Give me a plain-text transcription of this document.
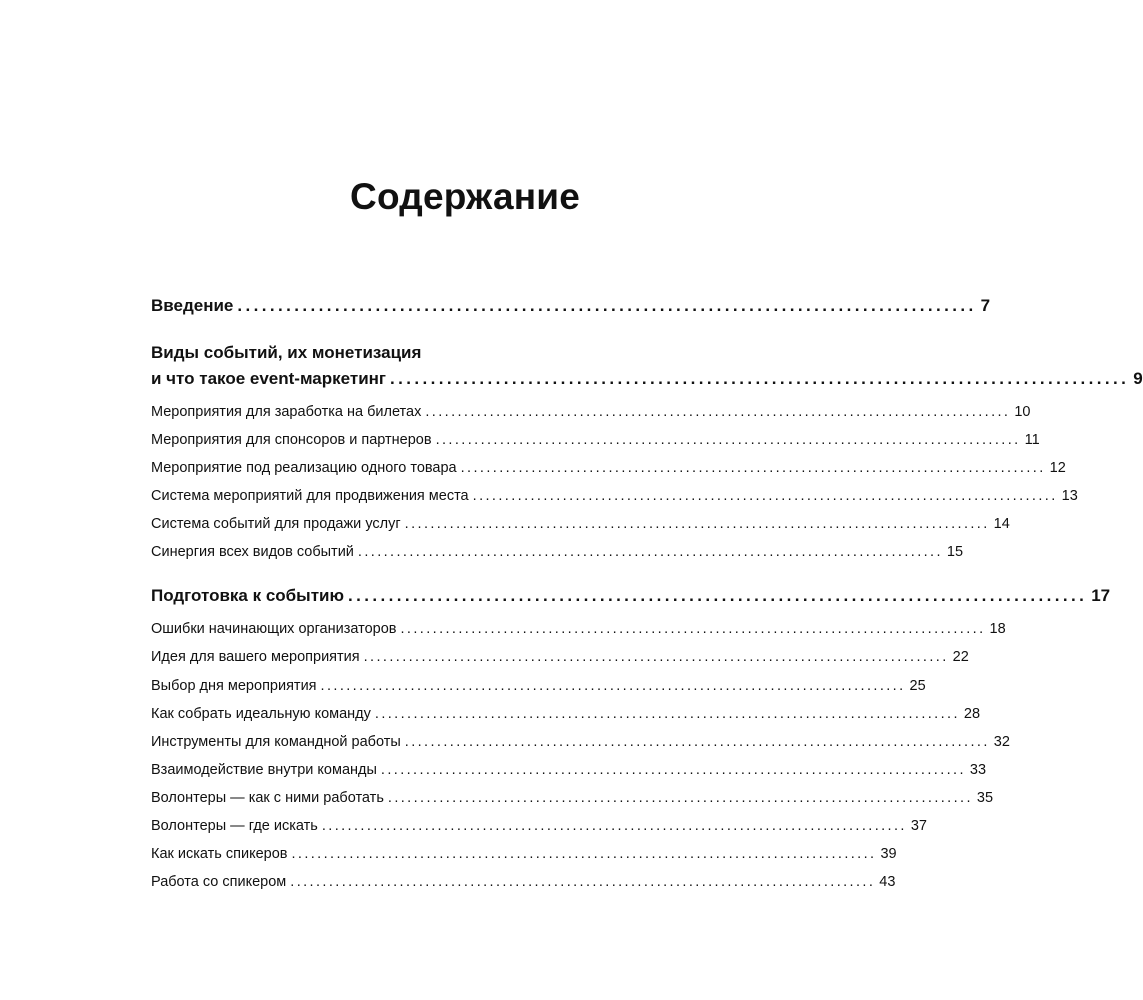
Содержание
Введение ........................................................................................... 7
Виды событий, их монетизация
и что такое event-маркетинг ........................................................................................... 9
Мероприятия для заработка на билетах ........................................................................................... 10
Мероприятия для спонсоров и партнеров ........................................................................................... 11
Мероприятие под реализацию одного товара ........................................................................................... 12
Система мероприятий для продвижения места ........................................................................................... 13
Система событий для продажи услуг ........................................................................................... 14
Синергия всех видов событий ........................................................................................... 15
Подготовка к событию ........................................................................................... 17
Ошибки начинающих организаторов ........................................................................................... 18
Идея для вашего мероприятия ........................................................................................... 22
Выбор дня мероприятия ........................................................................................... 25
Как собрать идеальную команду ........................................................................................... 28
Инструменты для командной работы ........................................................................................... 32
Взаимодействие внутри команды ........................................................................................... 33
Волонтеры — как с ними работать ........................................................................................... 35
Волонтеры — где искать ........................................................................................... 37
Как искать спикеров ........................................................................................... 39
Работа со спикером ........................................................................................... 43
